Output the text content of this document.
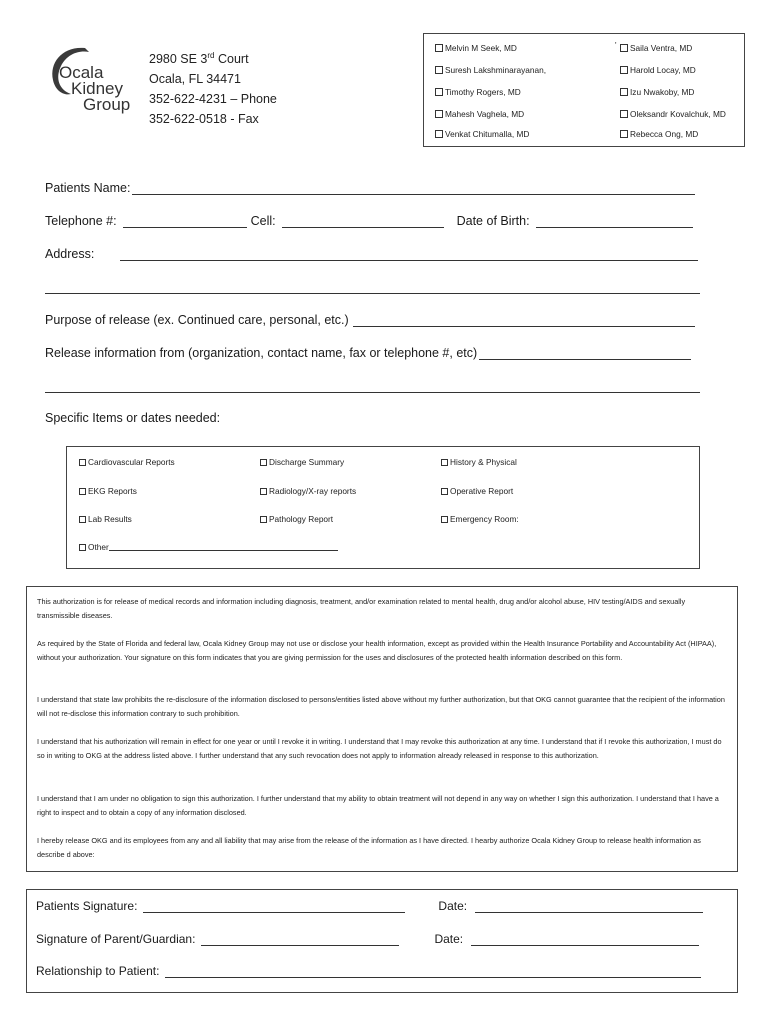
Ocala
Kidney
Group
2980 SE 3rd Court
Ocala, FL 34471
352-622-4231 – Phone
352-622-0518 - Fax
'
Melvin M Seek, MD	Saila Ventra, MD
Suresh Lakshminarayanan,	Harold Locay, MD
Timothy Rogers, MD	Izu Nwakoby, MD
Mahesh Vaghela, MD	Oleksandr Kovalchuk, MD
Venkat Chitumalla, MD	Rebecca Ong, MD
Patients Name:
Telephone #:	Cell:	Date of Birth:
Address:
Purpose of release (ex. Continued care, personal, etc.)
Release information from (organization, contact name, fax or telephone #, etc)
Specific Items or dates needed:
Cardiovascular Reports	Discharge Summary	History & Physical
EKG Reports	Radiology/X-ray reports	Operative Report
Lab Results	Pathology Report	Emergency Room:
Other

This authorization is for release of medical records and information including diagnosis, treatment, and/or examination related to mental health, drug and/or alcohol abuse, HIV testing/AIDS and sexually transmissible diseases.

As required by the State of Florida and federal law, Ocala Kidney Group may not use or disclose your health information, except as provided within the Health Insurance Portability and Accountability Act (HIPAA), without your authorization. Your signature on this form indicates that you are giving permission for the uses and disclosures of the protected health information described on this form.

I understand that state law prohibits the re-disclosure of the information disclosed to persons/entities listed above without my further authorization, but that OKG cannot guarantee that the recipient of the information will not re-disclose this information contrary to such prohibition.

I understand that his authorization will remain in effect for one year or until I revoke it in writing. I understand that I may revoke this authorization at any time. I understand that if I revoke this authorization, I must do so in writing to OKG at the address listed above. I further understand that any such revocation does not apply to information already released in response to this authorization.

I understand that I am under no obligation to sign this authorization. I further understand that my ability to obtain treatment will not depend in any way on whether I sign this authorization. I understand that I have a right to inspect and to obtain a copy of any information disclosed.

I hereby release OKG and its employees from any and all liability that may arise from the release of the information as I have directed. I hearby authorize Ocala Kidney Group to release health information as describe d above:

Patients Signature:	Date:
Signature of Parent/Guardian:	Date:
Relationship to Patient:
